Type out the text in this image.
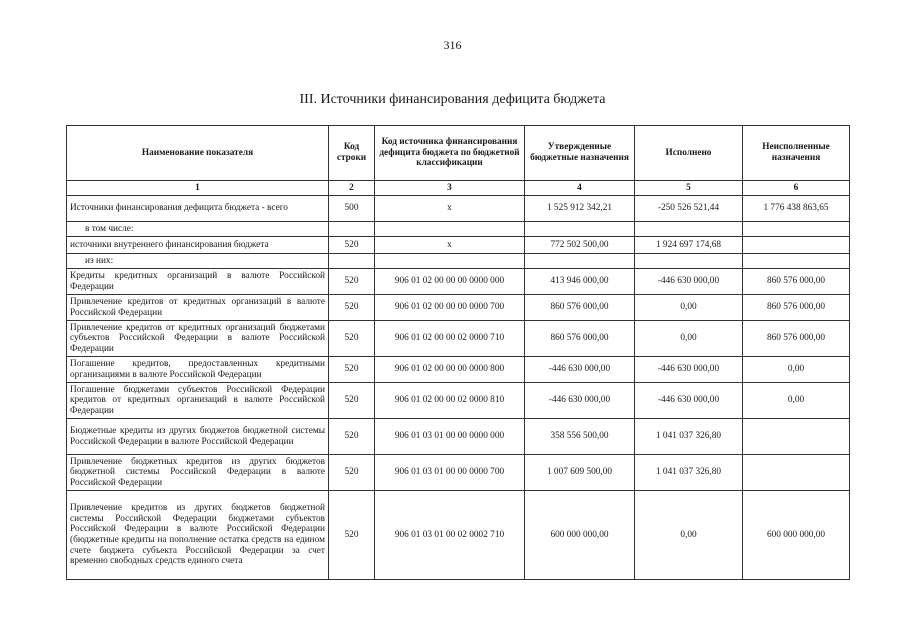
316
III. Источники финансирования дефицита бюджета
Наименование показателя	Код строки	Код источника финансирования дефицита бюджета по бюджетной классификации	Утвержденные бюджетные назначения	Исполнено	Неисполненные назначения
1	2	3	4	5	6
Источники финансирования дефицита бюджета - всего	500	x	1 525 912 342,21	-250 526 521,44	1 776 438 863,65
в том числе:					
источники внутреннего финансирования бюджета	520	x	772 502 500,00	1 924 697 174,68	
из них:					
Кредиты кредитных организаций в валюте Российской Федерации	520	906 01 02 00 00 00 0000 000	413 946 000,00	-446 630 000,00	860 576 000,00
Привлечение кредитов от кредитных организаций в валюте Российской Федерации	520	906 01 02 00 00 00 0000 700	860 576 000,00	0,00	860 576 000,00
Привлечение кредитов от кредитных организаций бюджетами субъектов Российской Федерации в валюте Российской Федерации	520	906 01 02 00 00 02 0000 710	860 576 000,00	0,00	860 576 000,00
Погашение кредитов, предоставленных кредитными организациями в валюте Российской Федерации	520	906 01 02 00 00 00 0000 800	-446 630 000,00	-446 630 000,00	0,00
Погашение бюджетами субъектов Российской Федерации кредитов от кредитных организаций в валюте Российской Федерации	520	906 01 02 00 00 02 0000 810	-446 630 000,00	-446 630 000,00	0,00
Бюджетные кредиты из других бюджетов бюджетной системы Российской Федерации в валюте Российской Федерации	520	906 01 03 01 00 00 0000 000	358 556 500,00	1 041 037 326,80	
Привлечение бюджетных кредитов из других бюджетов бюджетной системы Российской Федерации в валюте Российской Федерации	520	906 01 03 01 00 00 0000 700	1 007 609 500,00	1 041 037 326,80	
Привлечение кредитов из других бюджетов бюджетной системы Российской Федерации бюджетами субъектов Российской Федерации в валюте Российской Федерации (бюджетные кредиты на пополнение остатка средств на едином счете бюджета субъекта Российской Федерации за счет временно свободных средств единого счета	520	906 01 03 01 00 02 0002 710	600 000 000,00	0,00	600 000 000,00
